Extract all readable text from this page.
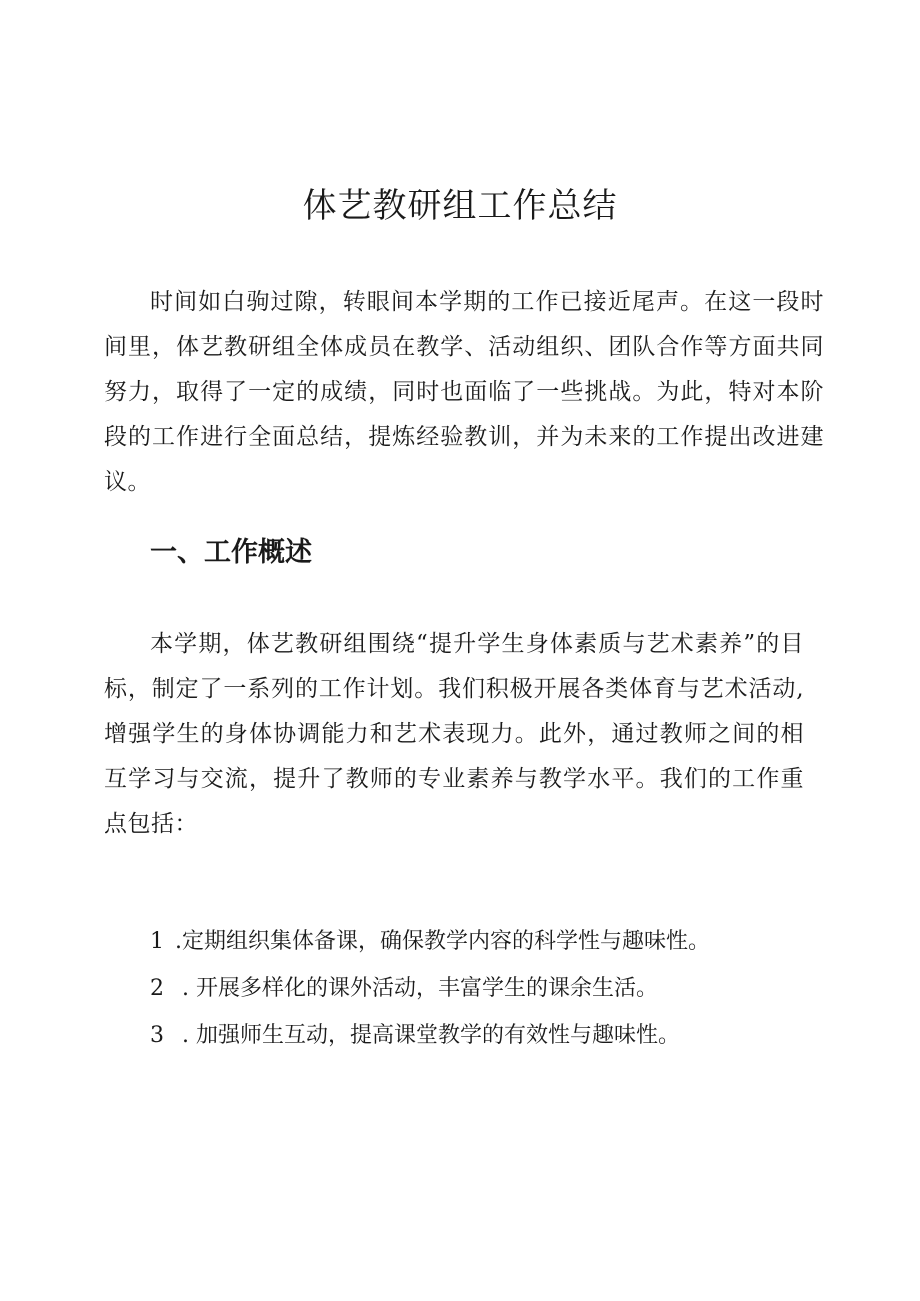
体艺教研组工作总结

时间如白驹过隙，转眼间本学期的工作已接近尾声。在这一段时间里，体艺教研组全体成员在教学、活动组织、团队合作等方面共同努力，取得了一定的成绩，同时也面临了一些挑战。为此，特对本阶段的工作进行全面总结，提炼经验教训，并为未来的工作提出改进建议。

一、工作概述

本学期，体艺教研组围绕“提升学生身体素质与艺术素养”的目标，制定了一系列的工作计划。我们积极开展各类体育与艺术活动,增强学生的身体协调能力和艺术表现力。此外，通过教师之间的相互学习与交流，提升了教师的专业素养与教学水平。我们的工作重点包括：

1 .定期组织集体备课，确保教学内容的科学性与趣味性。
2  . 开展多样化的课外活动，丰富学生的课余生活。
3  . 加强师生互动，提高课堂教学的有效性与趣味性。
